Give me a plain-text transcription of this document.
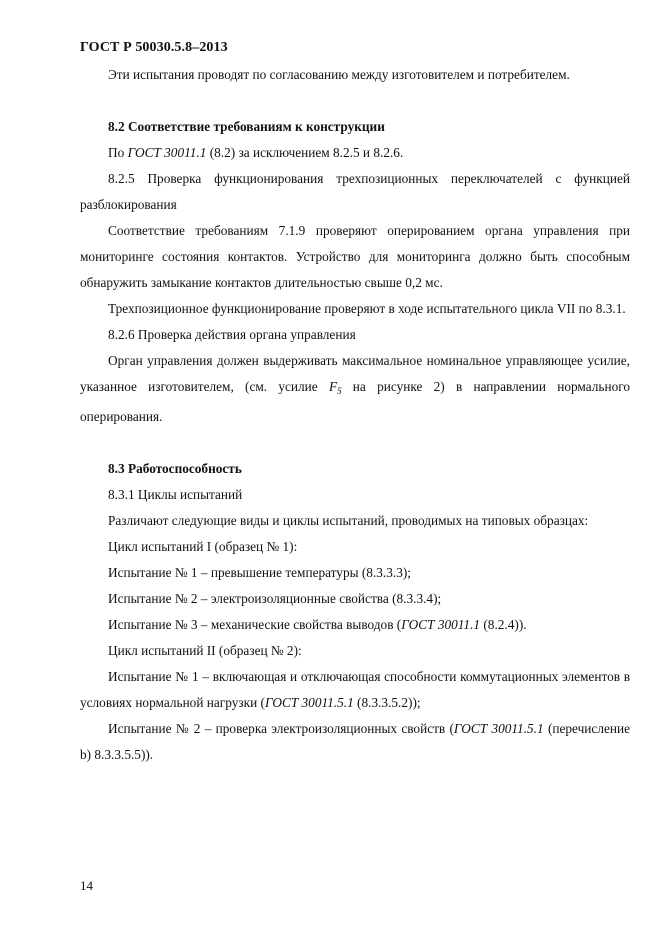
ГОСТ Р 50030.5.8–2013

Эти испытания проводят по согласованию между изготовителем и потребителем.

8.2 Соответствие требованиям к конструкции

По ГОСТ 30011.1 (8.2) за исключением 8.2.5 и 8.2.6.

8.2.5 Проверка функционирования трехпозиционных переключателей с функцией разблокирования

Соответствие требованиям 7.1.9 проверяют оперированием органа управления при мониторинге состояния контактов. Устройство для мониторинга должно быть способным обнаружить замыкание контактов длительностью свыше 0,2 мс.

Трехпозиционное функционирование проверяют в ходе испытательного цикла VII по 8.3.1.

8.2.6 Проверка действия органа управления

Орган управления должен выдерживать максимальное номинальное управляющее усилие, указанное изготовителем, (см. усилие $F_5$ на рисунке 2) в направлении нормального оперирования.

8.3 Работоспособность

8.3.1 Циклы испытаний

Различают следующие виды и циклы испытаний, проводимых на типовых образцах:

Цикл испытаний I (образец № 1):

Испытание № 1 – превышение температуры (8.3.3.3);

Испытание № 2 – электроизоляционные свойства (8.3.3.4);

Испытание № 3 – механические свойства выводов (ГОСТ 30011.1 (8.2.4)).

Цикл испытаний II (образец № 2):

Испытание № 1 – включающая и отключающая способности коммутационных элементов в условиях нормальной нагрузки (ГОСТ 30011.5.1 (8.3.3.5.2));

Испытание № 2 – проверка электроизоляционных свойств (ГОСТ 30011.5.1 (перечисление b) 8.3.3.5.5)).

14
